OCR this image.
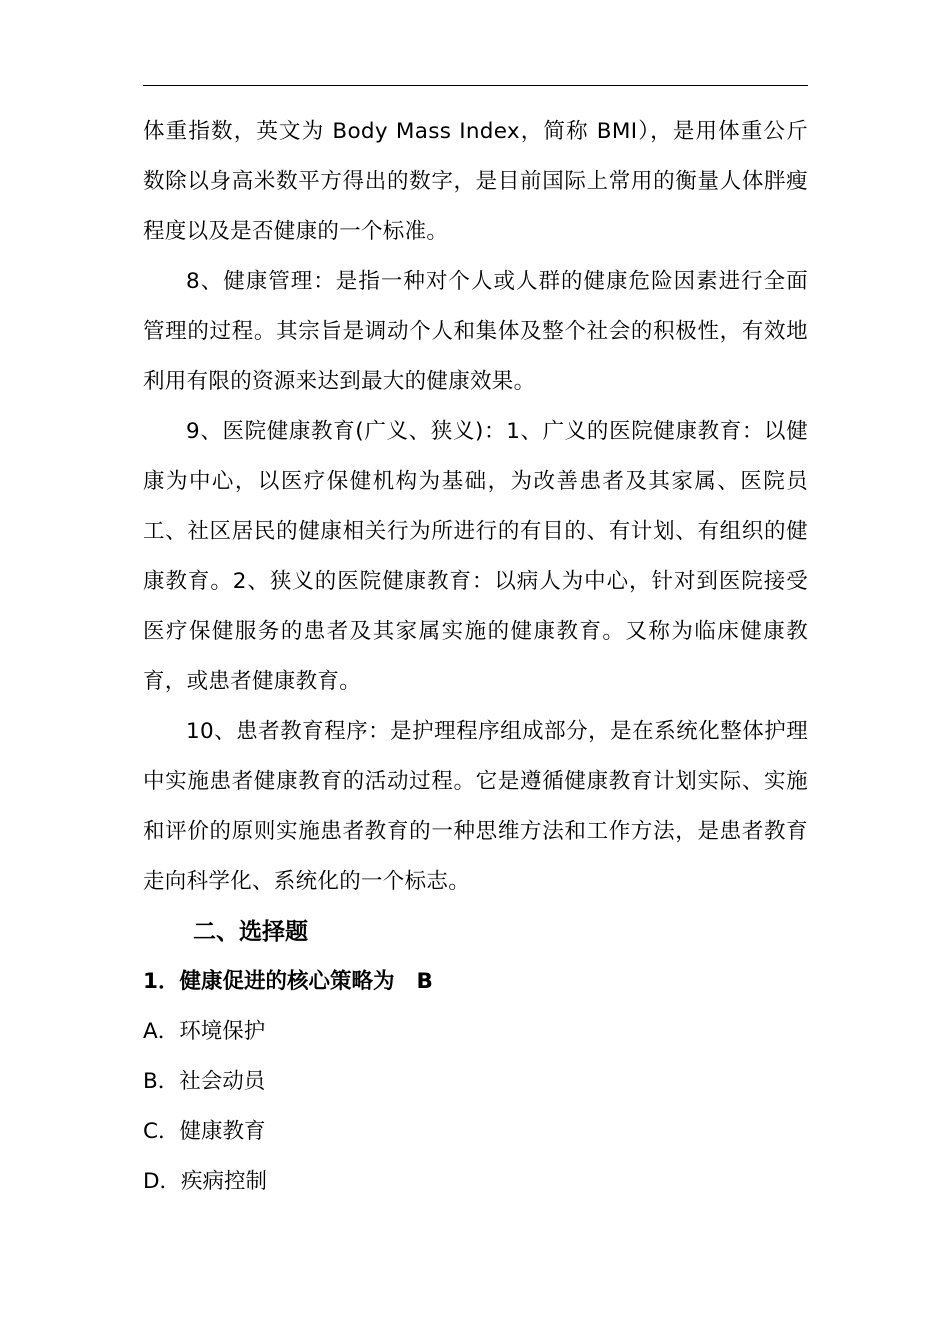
体重指数，英文为 Body Mass Index，简称 BMI），是用体重公斤数除以身高米数平方得出的数字，是目前国际上常用的衡量人体胖瘦程度以及是否健康的一个标准。

8、健康管理：是指一种对个人或人群的健康危险因素进行全面管理的过程。其宗旨是调动个人和集体及整个社会的积极性，有效地利用有限的资源来达到最大的健康效果。

9、医院健康教育(广义、狭义)：1、广义的医院健康教育：以健康为中心，以医疗保健机构为基础，为改善患者及其家属、医院员工、社区居民的健康相关行为所进行的有目的、有计划、有组织的健康教育。2、狭义的医院健康教育：以病人为中心，针对到医院接受医疗保健服务的患者及其家属实施的健康教育。又称为临床健康教育，或患者健康教育。

10、患者教育程序：是护理程序组成部分，是在系统化整体护理中实施患者健康教育的活动过程。它是遵循健康教育计划实际、实施和评价的原则实施患者教育的一种思维方法和工作方法，是患者教育走向科学化、系统化的一个标志。

二、选择题

1．健康促进的核心策略为 B

A．环境保护

B．社会动员

C．健康教育

D．疾病控制
